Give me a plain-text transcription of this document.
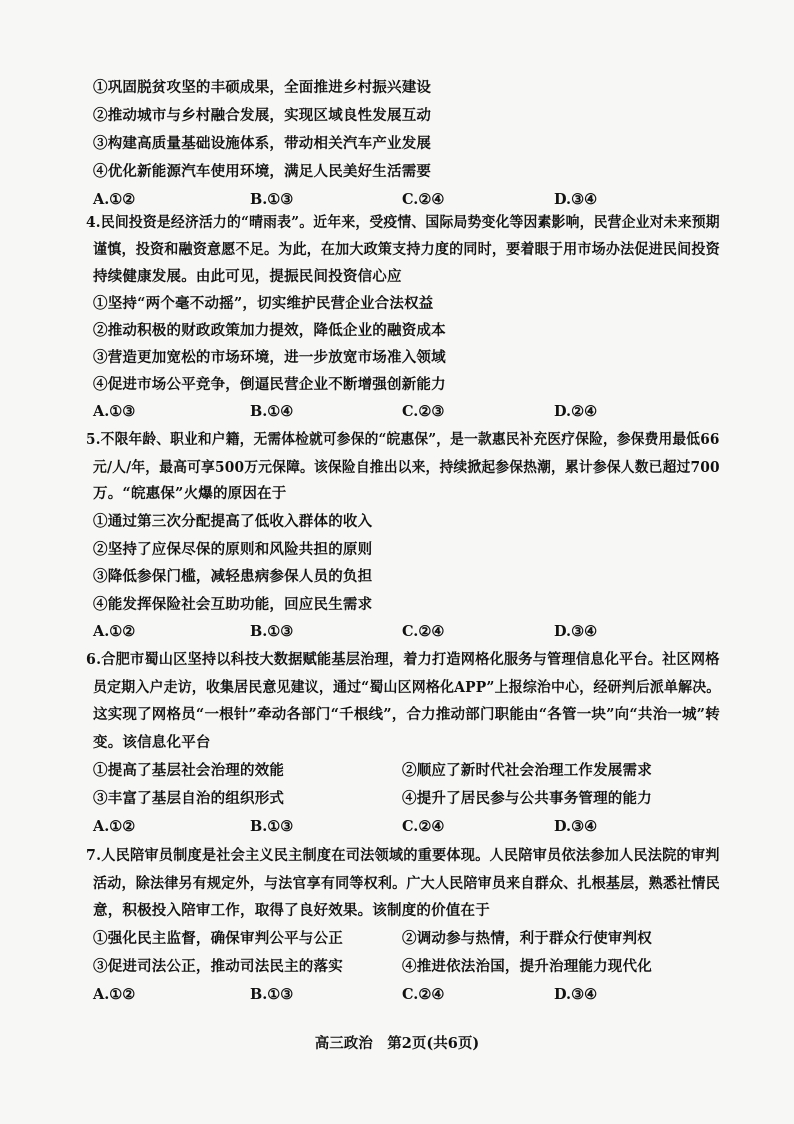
①巩固脱贫攻坚的丰硕成果，全面推进乡村振兴建设
②推动城市与乡村融合发展，实现区域良性发展互动
③构建高质量基础设施体系，带动相关汽车产业发展
④优化新能源汽车使用环境，满足人民美好生活需要
A.①②	B.①③	C.②④	D.③④
4.民间投资是经济活力的“晴雨表”。近年来，受疫情、国际局势变化等因素影响，民营企业对未来预期
谨慎，投资和融资意愿不足。为此，在加大政策支持力度的同时，要着眼于用市场办法促进民间投资
持续健康发展。由此可见，提振民间投资信心应
①坚持“两个毫不动摇”，切实维护民营企业合法权益
②推动积极的财政政策加力提效，降低企业的融资成本
③营造更加宽松的市场环境，进一步放宽市场准入领域
④促进市场公平竞争，倒逼民营企业不断增强创新能力
A.①③	B.①④	C.②③	D.②④
5.不限年龄、职业和户籍，无需体检就可参保的“皖惠保”，是一款惠民补充医疗保险，参保费用最低66
元/人/年，最高可享500万元保障。该保险自推出以来，持续掀起参保热潮，累计参保人数已超过700
万。“皖惠保”火爆的原因在于
①通过第三次分配提高了低收入群体的收入
②坚持了应保尽保的原则和风险共担的原则
③降低参保门槛，减轻患病参保人员的负担
④能发挥保险社会互助功能，回应民生需求
A.①②	B.①③	C.②④	D.③④
6.合肥市蜀山区坚持以科技大数据赋能基层治理，着力打造网格化服务与管理信息化平台。社区网格
员定期入户走访，收集居民意见建议，通过“蜀山区网格化APP”上报综治中心，经研判后派单解决。
这实现了网格员“一根针”牵动各部门“千根线”，合力推动部门职能由“各管一块”向“共治一城”转
变。该信息化平台
①提高了基层社会治理的效能	②顺应了新时代社会治理工作发展需求
③丰富了基层自治的组织形式	④提升了居民参与公共事务管理的能力
A.①②	B.①③	C.②④	D.③④
7.人民陪审员制度是社会主义民主制度在司法领域的重要体现。人民陪审员依法参加人民法院的审判
活动，除法律另有规定外，与法官享有同等权利。广大人民陪审员来自群众、扎根基层，熟悉社情民
意，积极投入陪审工作，取得了良好效果。该制度的价值在于
①强化民主监督，确保审判公平与公正	②调动参与热情，利于群众行使审判权
③促进司法公正，推动司法民主的落实	④推进依法治国，提升治理能力现代化
A.①②	B.①③	C.②④	D.③④
高三政治　第2页(共6页)
